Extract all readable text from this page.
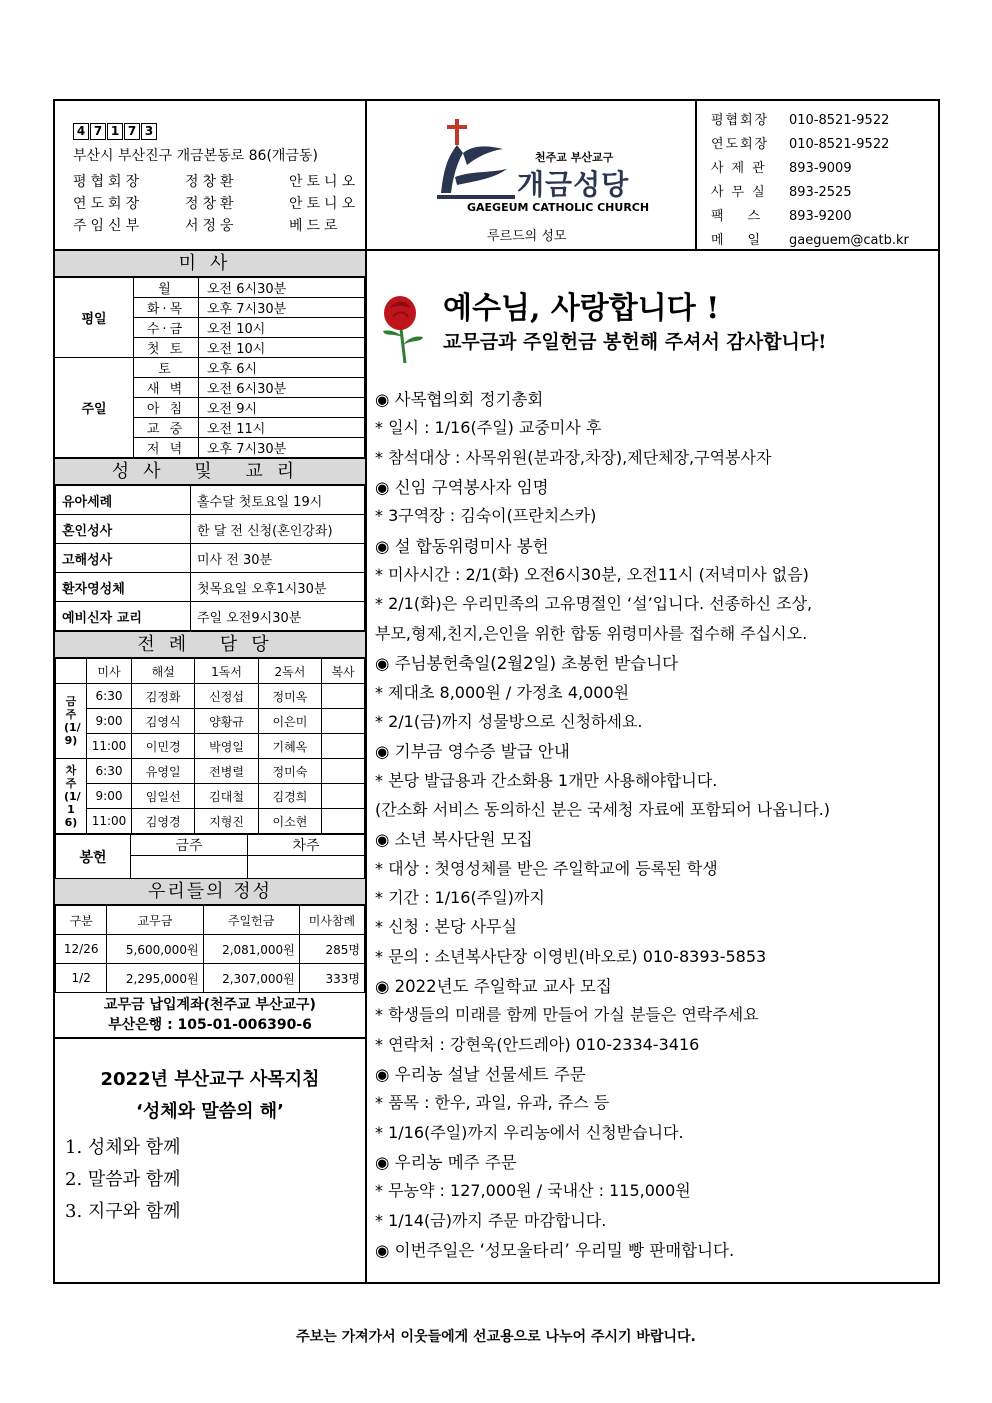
4 7 1 7 3
부산시 부산진구 개금본동로 86(개금동)
평협회장	정창환	안토니오
연도회장	정창환	안토니오
주임신부	서정웅	베드로
천주교 부산교구
개금성당
GAEGEUM CATHOLIC CHURCH
루르드의 성모
평협회장 010-8521-9522
연도회장 010-8521-9522
사제관 893-9009
사무실 893-2525
팩스 893-9200
메일 gaeguem@catb.kr
미사
평일	월	오전 6시30분
	화·목	오후 7시30분
	수·금	오전 10시
	첫 토	오전 10시
주일	토	오후 6시
	새 벽	오전 6시30분
	아 침	오전 9시
	교 중	오전 11시
	저 녁	오후 7시30분
성사 및 교리
유아세례	홀수달 첫토요일 19시
혼인성사	한 달 전 신청(혼인강좌)
고해성사	미사 전 30분
환자영성체	첫목요일 오후1시30분
예비신자 교리	주일 오전9시30분
전례 담당
	미사	해설	1독서	2독서	복사
금주(1/9)	6:30	김정화	신정섭	정미옥	
	9:00	김영식	양황규	이은미	
	11:00	이민경	박영일	기혜옥	
차주(1/16)	6:30	유영일	전병렬	정미숙	
	9:00	임일선	김대철	김경희	
	11:00	김영경	지형진	이소현	
봉헌	금주	차주

우리들의 정성
구분	교무금	주일헌금	미사참례
12/26	5,600,000원	2,081,000원	285명
1/2	2,295,000원	2,307,000원	333명
교무금 납입계좌(천주교 부산교구)
부산은행 : 105-01-006390-6
2022년 부산교구 사목지침
‘성체와 말씀의 해’

1. 성체와 함께

2. 말씀과 함께

3. 지구와 함께

예수님, 사랑합니다 !
교무금과 주일헌금 봉헌해 주셔서 감사합니다!
◉ 사목협의회 정기총회
* 일시 : 1/16(주일) 교중미사 후
* 참석대상 : 사목위원(분과장,차장),제단체장,구역봉사자
◉ 신임 구역봉사자 임명
* 3구역장 : 김숙이(프란치스카)
◉ 설 합동위령미사 봉헌
* 미사시간 : 2/1(화) 오전6시30분, 오전11시 (저녁미사 없음)
* 2/1(화)은 우리민족의 고유명절인 ‘설’입니다. 선종하신 조상,
부모,형제,친지,은인을 위한 합동 위령미사를 접수해 주십시오.
◉ 주님봉헌축일(2월2일) 초봉헌 받습니다
* 제대초 8,000원 / 가정초 4,000원
* 2/1(금)까지 성물방으로 신청하세요.
◉ 기부금 영수증 발급 안내
* 본당 발급용과 간소화용 1개만 사용해야합니다.
(간소화 서비스 동의하신 분은 국세청 자료에 포함되어 나옵니다.)
◉ 소년 복사단원 모집
* 대상 : 첫영성체를 받은 주일학교에 등록된 학생
* 기간 : 1/16(주일)까지
* 신청 : 본당 사무실
* 문의 : 소년복사단장 이영빈(바오로) 010-8393-5853
◉ 2022년도 주일학교 교사 모집
* 학생들의 미래를 함께 만들어 가실 분들은 연락주세요
* 연락처 : 강현욱(안드레아) 010-2334-3416
◉ 우리농 설날 선물세트 주문
* 품목 : 한우, 과일, 유과, 쥬스 등
* 1/16(주일)까지 우리농에서 신청받습니다.
◉ 우리농 메주 주문
* 무농약 : 127,000원 / 국내산 : 115,000원
* 1/14(금)까지 주문 마감합니다.
◉ 이번주일은 ‘성모울타리’ 우리밀 빵 판매합니다.
주보는 가져가서 이웃들에게 선교용으로 나누어 주시기 바랍니다.
